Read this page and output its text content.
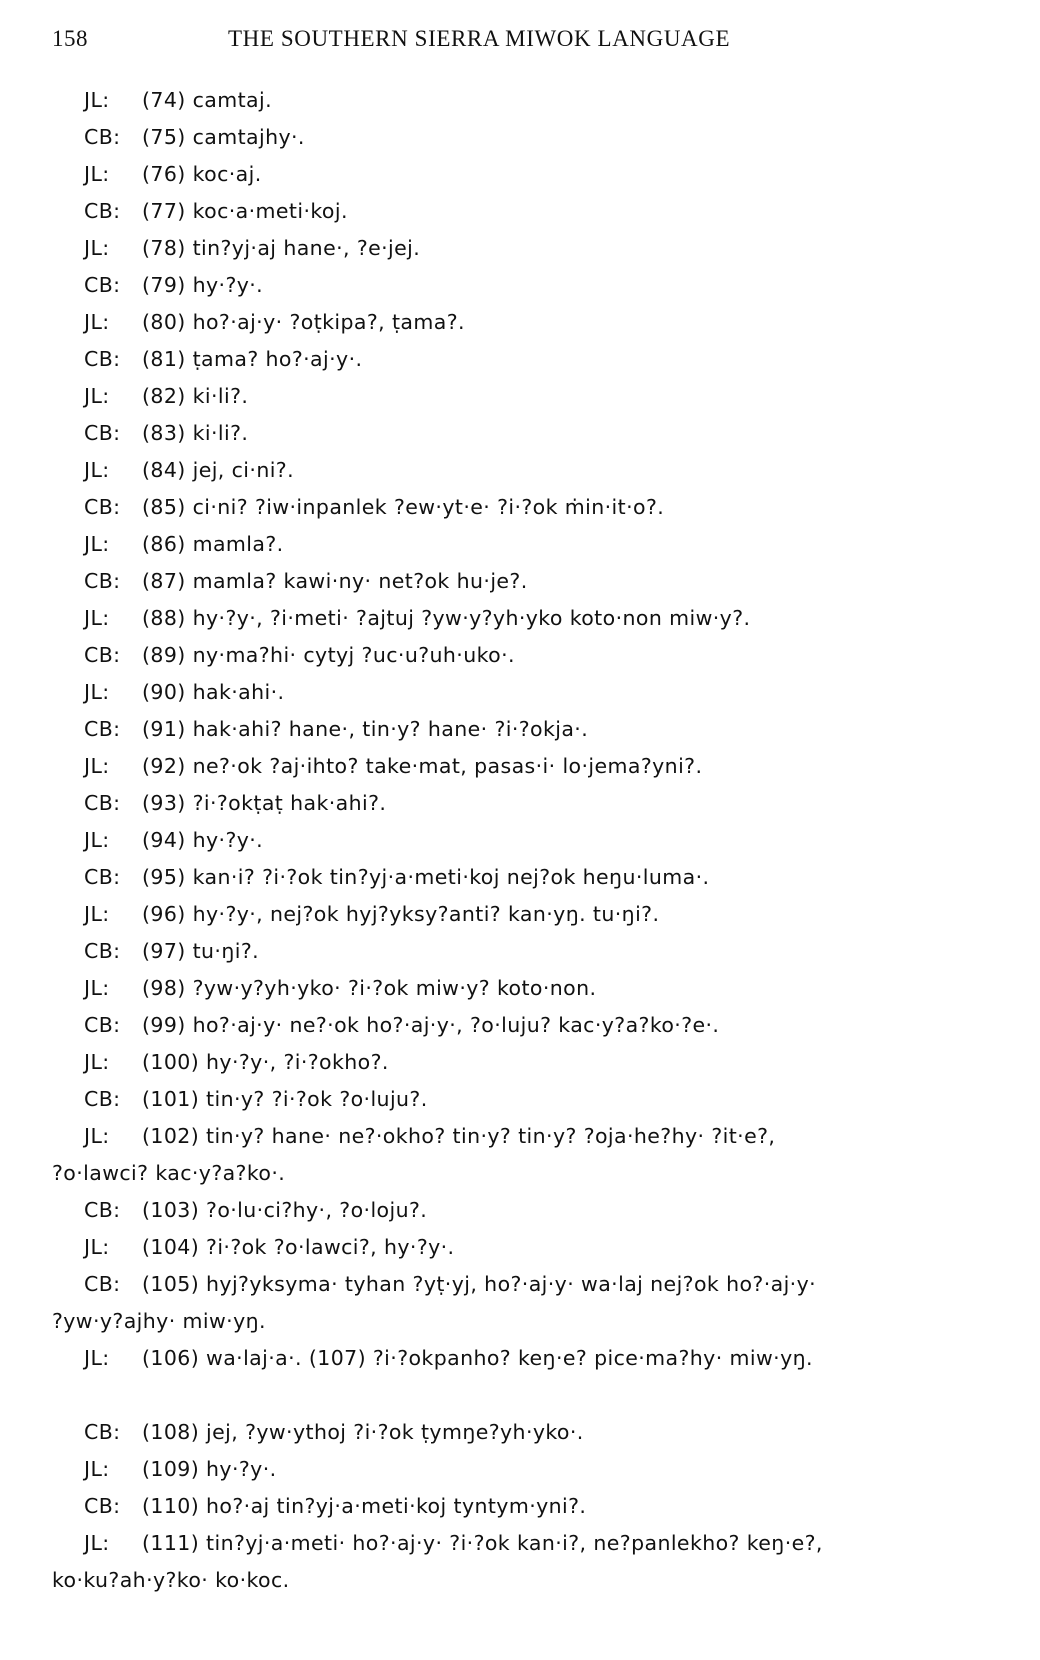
158	THE SOUTHERN SIERRA MIWOK LANGUAGE
JL: (74) camtaj.
CB: (75) camtajhy·.
JL: (76) koc·aj.
CB: (77) koc·a·meti·koj.
JL: (78) tin?yj·aj hane·, ?e·jej.
CB: (79) hy·?y·.
JL: (80) ho?·aj·y· ?oṭkipa?, ṭama?.
CB: (81) ṭama? ho?·aj·y·.
JL: (82) ki·li?.
CB: (83) ki·li?.
JL: (84) jej, ci·ni?.
CB: (85) ci·ni? ?iw·inpanlek ?ew·yt·e· ?i·?ok ṁin·it·o?.
JL: (86) mamla?.
CB: (87) mamla? kawi·ny· net?ok hu·je?.
JL: (88) hy·?y·, ?i·meti· ?ajtuj ?yw·y?yh·yko koto·non miw·y?.
CB: (89) ny·ma?hi· cytyj ?uc·u?uh·uko·.
JL: (90) hak·ahi·.
CB: (91) hak·ahi? hane·, tin·y? hane· ?i·?okja·.
JL: (92) ne?·ok ?aj·ihto? take·mat, pasas·i· lo·jema?yni?.
CB: (93) ?i·?okṭaṭ hak·ahi?.
JL: (94) hy·?y·.
CB: (95) kan·i? ?i·?ok tin?yj·a·meti·koj nej?ok heŋu·luma·.
JL: (96) hy·?y·, nej?ok hyj?yksy?anti? kan·yŋ. tu·ŋi?.
CB: (97) tu·ŋi?.
JL: (98) ?yw·y?yh·yko· ?i·?ok miw·y? koto·non.
CB: (99) ho?·aj·y· ne?·ok ho?·aj·y·, ?o·luju? kac·y?a?ko·?e·.
JL: (100) hy·?y·, ?i·?okho?.
CB: (101) tin·y? ?i·?ok ?o·luju?.
JL: (102) tin·y? hane· ne?·okho? tin·y? tin·y? ?oja·he?hy· ?it·e?,
?o·lawci? kac·y?a?ko·.
CB: (103) ?o·lu·ci?hy·, ?o·loju?.
JL: (104) ?i·?ok ?o·lawci?, hy·?y·.
CB: (105) hyj?yksyma· tyhan ?yṭ·yj, ho?·aj·y· wa·laj nej?ok ho?·aj·y·
?yw·y?ajhy· miw·yŋ.
JL: (106) wa·laj·a·. (107) ?i·?okpanho? keŋ·e? pice·ma?hy· miw·yŋ.
CB: (108) jej, ?yw·ythoj ?i·?ok ṭymŋe?yh·yko·.
JL: (109) hy·?y·.
CB: (110) ho?·aj tin?yj·a·meti·koj tyntym·yni?.
JL: (111) tin?yj·a·meti· ho?·aj·y· ?i·?ok kan·i?, ne?panlekho? keŋ·e?,
ko·ku?ah·y?ko· ko·koc.
